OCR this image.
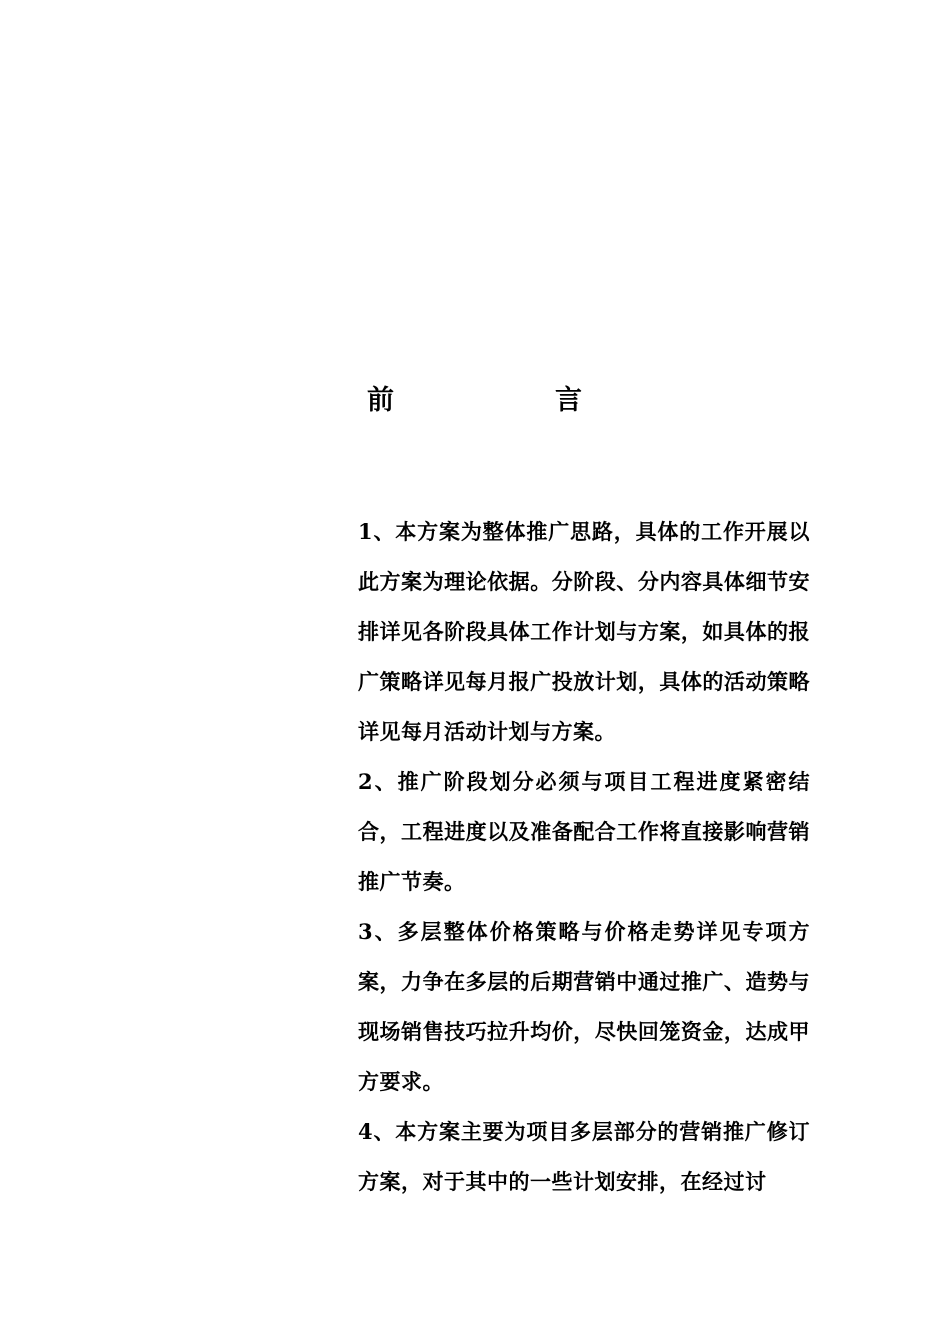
前	言

1、本方案为整体推广思路，具体的工作开展以此方案为理论依据。分阶段、分内容具体细节安排详见各阶段具体工作计划与方案，如具体的报广策略详见每月报广投放计划，具体的活动策略详见每月活动计划与方案。

2、推广阶段划分必须与项目工程进度紧密结合，工程进度以及准备配合工作将直接影响营销推广节奏。

3、多层整体价格策略与价格走势详见专项方案，力争在多层的后期营销中通过推广、造势与现场销售技巧拉升均价，尽快回笼资金，达成甲方要求。

4、本方案主要为项目多层部分的营销推广修订方案，对于其中的一些计划安排，在经过讨
